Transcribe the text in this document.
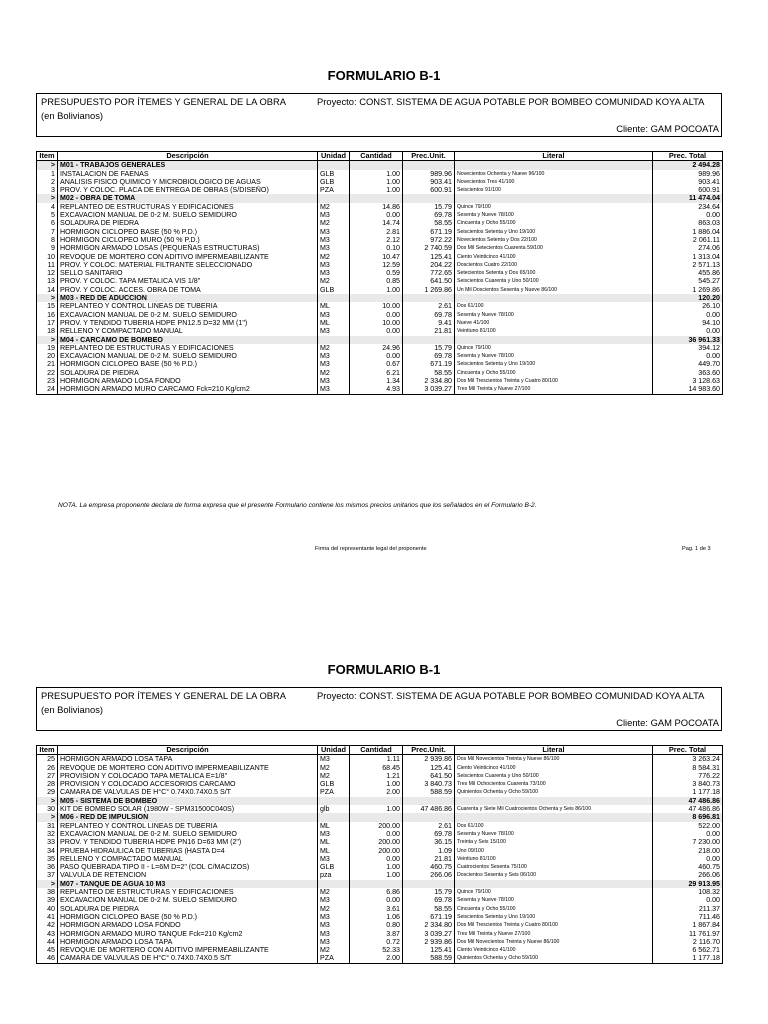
FORMULARIO B-1
PRESUPUESTO POR ÍTEMES Y GENERAL DE LA OBRA
(en Bolivianos)
Proyecto: CONST. SISTEMA DE AGUA POTABLE POR BOMBEO COMUNIDAD KOYA ALTA
Cliente: GAM POCOATA
Item	Descripción	Unidad	Cantidad	Prec.Unit.	Literal	Prec. Total
>	M01 - TRABAJOS GENERALES					2 494.28
1	INSTALACION DE FAENAS	GLB	1.00	989.96	Novecientos Ochenta y Nueve 96/100	989.96
2	ANALISIS FISICO QUIMICO Y MICROBIOLOGICO DE AGUAS	GLB	1.00	903.41	Novecientos Tres 41/100	903.41
3	PROV. Y COLOC. PLACA DE ENTREGA DE OBRAS (S/DISEÑO)	PZA	1.00	600.91	Seiscientos 91/100	600.91
>	M02 - OBRA DE TOMA					11 474.04
4	REPLANTEO DE ESTRUCTURAS Y EDIFICACIONES	M2	14.86	15.79	Quince 79/100	234.64
5	EXCAVACION MANUAL DE 0-2 M. SUELO SEMIDURO	M3	0.00	69.78	Sesenta y Nueve 78/100	0.00
6	SOLADURA DE PIEDRA	M2	14.74	58.55	Cincuenta y Ocho 55/100	863.03
7	HORMIGON CICLOPEO BASE (50 % P.D.)	M3	2.81	671.19	Seiscientos Setenta y Uno 19/100	1 886.04
8	HORMIGON CICLOPEO MURO (50 % P.D.)	M3	2.12	972.22	Novecientos Setenta y Dos 22/100	2 061.11
9	HORMIGON ARMADO LOSAS (PEQUEÑAS ESTRUCTURAS)	M3	0.10	2 740.59	Dos Mil Setecientos Cuarenta 59/100	274.06
10	REVOQUE DE MORTERO CON ADITIVO IMPERMEABILIZANTE	M2	10.47	125.41	Ciento Veinticinco 41/100	1 313.04
11	PROV. Y COLOC. MATERIAL FILTRANTE SELECCIONADO	M3	12.59	204.22	Doscientos Cuatro 22/100	2 571.13
12	SELLO SANITARIO	M3	0.59	772.65	Setecientos Setenta y Dos 65/100	455.86
13	PROV. Y COLOC. TAPA METALICA VIS 1/8"	M2	0.85	641.50	Seiscientos Cuarenta y Uno 50/100	545.27
14	PROV. Y COLOC. ACCES. OBRA DE TOMA	GLB	1.00	1 269.86	Un Mil Doscientos Sesenta y Nueve 86/100	1 269.86
>	M03 - RED DE ADUCCION					120.20
15	REPLANTEO Y CONTROL LINEAS DE TUBERIA	ML	10.00	2.61	Dos 61/100	26.10
16	EXCAVACION MANUAL DE 0-2 M. SUELO SEMIDURO	M3	0.00	69.78	Sesenta y Nueve 78/100	0.00
17	PROV. Y TENDIDO TUBERIA HDPE PN12.5 D=32 MM (1")	ML	10.00	9.41	Nueve 41/100	94.10
18	RELLENO Y COMPACTADO MANUAL	M3	0.00	21.81	Veintiuno 81/100	0.00
>	M04 - CARCAMO DE BOMBEO					36 961.33
19	REPLANTEO DE ESTRUCTURAS Y EDIFICACIONES	M2	24.96	15.79	Quince 79/100	394.12
20	EXCAVACION MANUAL DE 0-2 M. SUELO SEMIDURO	M3	0.00	69.78	Sesenta y Nueve 78/100	0.00
21	HORMIGON CICLOPEO BASE (50 % P.D.)	M3	0.67	671.19	Seiscientos Setenta y Uno 19/100	449.70
22	SOLADURA DE PIEDRA	M2	6.21	58.55	Cincuenta y Ocho 55/100	363.60
23	HORMIGON ARMADO LOSA FONDO	M3	1.34	2 334.80	Dos Mil Trescientos Treinta y Cuatro 80/100	3 128.63
24	HORMIGON ARMADO MURO CARCAMO Fck=210 Kg/cm2	M3	4.93	3 039.27	Tres Mil Treinta y Nueve 27/100	14 983.60
NOTA. La empresa proponente declara de forma expresa que el presente Formulario contiene los mismos precios unitarios que los señalados en el Formulario B-2.
Firma del representante legal del proponente	Pag. 1 de 3
FORMULARIO B-1
PRESUPUESTO POR ÍTEMES Y GENERAL DE LA OBRA
(en Bolivianos)
Proyecto: CONST. SISTEMA DE AGUA POTABLE POR BOMBEO COMUNIDAD KOYA ALTA
Cliente: GAM POCOATA
Item	Descripción	Unidad	Cantidad	Prec.Unit.	Literal	Prec. Total
25	HORMIGON ARMADO LOSA TAPA	M3	1.11	2 939.86	Dos Mil Novecientos Treinta y Nueve 86/100	3 263.24
26	REVOQUE DE MORTERO CON ADITIVO IMPERMEABILIZANTE	M2	68.45	125.41	Ciento Veinticinco 41/100	8 584.31
27	PROVISION Y COLOCADO TAPA METALICA E=1/8"	M2	1.21	641.50	Seiscientos Cuarenta y Uno 50/100	776.22
28	PROVISION Y COLOCADO ACCESORIOS CARCAMO	GLB	1.00	3 840.73	Tres Mil Ochocientos Cuarenta 73/100	3 840.73
29	CAMARA DE VALVULAS DE H°C° 0.74X0.74X0.5 S/T	PZA	2.00	588.59	Quinientos Ochenta y Ocho 59/100	1 177.18
>	M05 - SISTEMA DE BOMBEO					47 486.86
30	KIT DE BOMBEO SOLAR (1980W - SPM31500C040S)	glb	1.00	47 486.86	Cuarenta y Siete Mil Cuatrocientos Ochenta y Seis 86/100	47 486.86
>	M06 - RED DE IMPULSION					8 696.81
31	REPLANTEO Y CONTROL LINEAS DE TUBERIA	ML	200.00	2.61	Dos 61/100	522.00
32	EXCAVACION MANUAL DE 0-2 M. SUELO SEMIDURO	M3	0.00	69.78	Sesenta y Nueve 78/100	0.00
33	PROV. Y TENDIDO TUBERIA HDPE PN16 D=63 MM (2")	ML	200.00	36.15	Treinta y Seis 15/100	7 230.00
34	PRUEBA HIDRAULICA DE TUBERIAS (HASTA D=4	ML	200.00	1.09	Uno 09/100	218.00
35	RELLENO Y COMPACTADO MANUAL	M3	0.00	21.81	Veintiuno 81/100	0.00
36	PASO QUEBRADA TIPO II - L=6M D=2" (COL C/MACIZOS)	GLB	1.00	460.75	Cuatrocientos Sesenta 75/100	460.75
37	VALVULA DE RETENCION	pza	1.00	266.06	Doscientos Sesenta y Seis 06/100	266.06
>	M07 - TANQUE DE AGUA 10 M3					29 913.95
38	REPLANTEO DE ESTRUCTURAS Y EDIFICACIONES	M2	6.86	15.79	Quince 79/100	108.32
39	EXCAVACION MANUAL DE 0-2 M. SUELO SEMIDURO	M3	0.00	69.78	Sesenta y Nueve 78/100	0.00
40	SOLADURA DE PIEDRA	M2	3.61	58.55	Cincuenta y Ocho 55/100	211.37
41	HORMIGON CICLOPEO BASE (50 % P.D.)	M3	1.06	671.19	Seiscientos Setenta y Uno 19/100	711.46
42	HORMIGON ARMADO LOSA FONDO	M3	0.80	2 334.80	Dos Mil Trescientos Treinta y Cuatro 80/100	1 867.84
43	HORMIGON ARMADO MURO TANQUE Fck=210 Kg/cm2	M3	3.87	3 039.27	Tres Mil Treinta y Nueve 27/100	11 761.97
44	HORMIGON ARMADO LOSA TAPA	M3	0.72	2 939.86	Dos Mil Novecientos Treinta y Nueve 86/100	2 116.70
45	REVOQUE DE MORTERO CON ADITIVO IMPERMEABILIZANTE	M2	52.33	125.41	Ciento Veinticinco 41/100	6 562.71
46	CAMARA DE VALVULAS DE H°C° 0.74X0.74X0.5 S/T	PZA	2.00	588.59	Quinientos Ochenta y Ocho 59/100	1 177.18
